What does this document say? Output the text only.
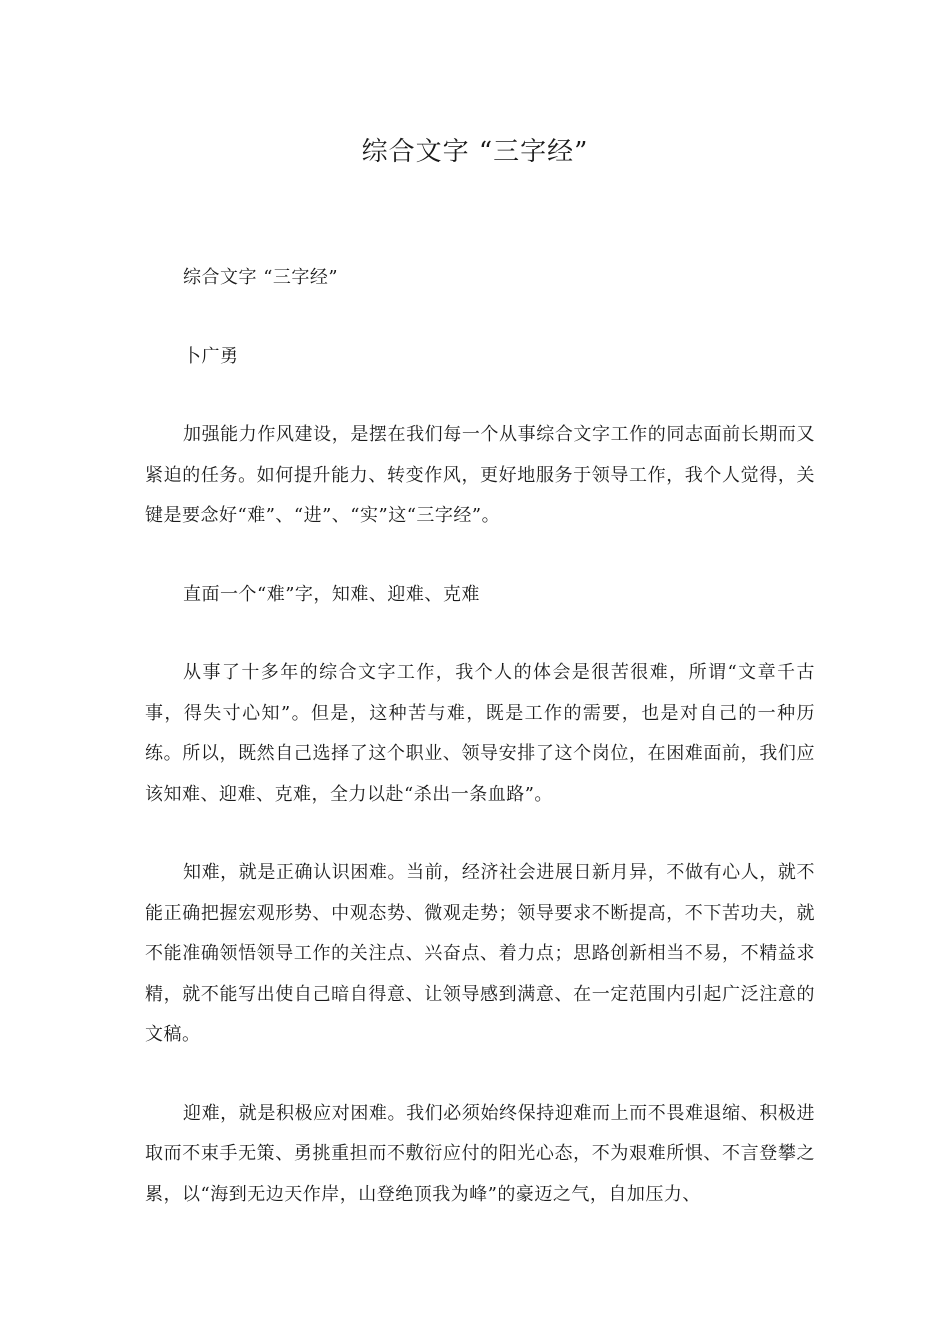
综合文字 “三字经”

综合文字 “三字经”

卜广勇

加强能力作风建设，是摆在我们每一个从事综合文字工作的同志面前长期而又紧迫的任务。如何提升能力、转变作风，更好地服务于领导工作，我个人觉得，关键是要念好“难”、“进”、“实”这“三字经”。

直面一个“难”字，知难、迎难、克难

从事了十多年的综合文字工作，我个人的体会是很苦很难，所谓“文章千古事，得失寸心知”。但是，这种苦与难，既是工作的需要，也是对自己的一种历练。所以，既然自己选择了这个职业、领导安排了这个岗位，在困难面前，我们应该知难、迎难、克难，全力以赴“杀出一条血路”。

知难，就是正确认识困难。当前，经济社会进展日新月异，不做有心人，就不能正确把握宏观形势、中观态势、微观走势；领导要求不断提高，不下苦功夫，就不能准确领悟领导工作的关注点、兴奋点、着力点；思路创新相当不易，不精益求精，就不能写出使自己暗自得意、让领导感到满意、在一定范围内引起广泛注意的文稿。

迎难，就是积极应对困难。我们必须始终保持迎难而上而不畏难退缩、积极进取而不束手无策、勇挑重担而不敷衍应付的阳光心态，不为艰难所惧、不言登攀之累，以“海到无边天作岸，山登绝顶我为峰”的豪迈之气，自加压力、
